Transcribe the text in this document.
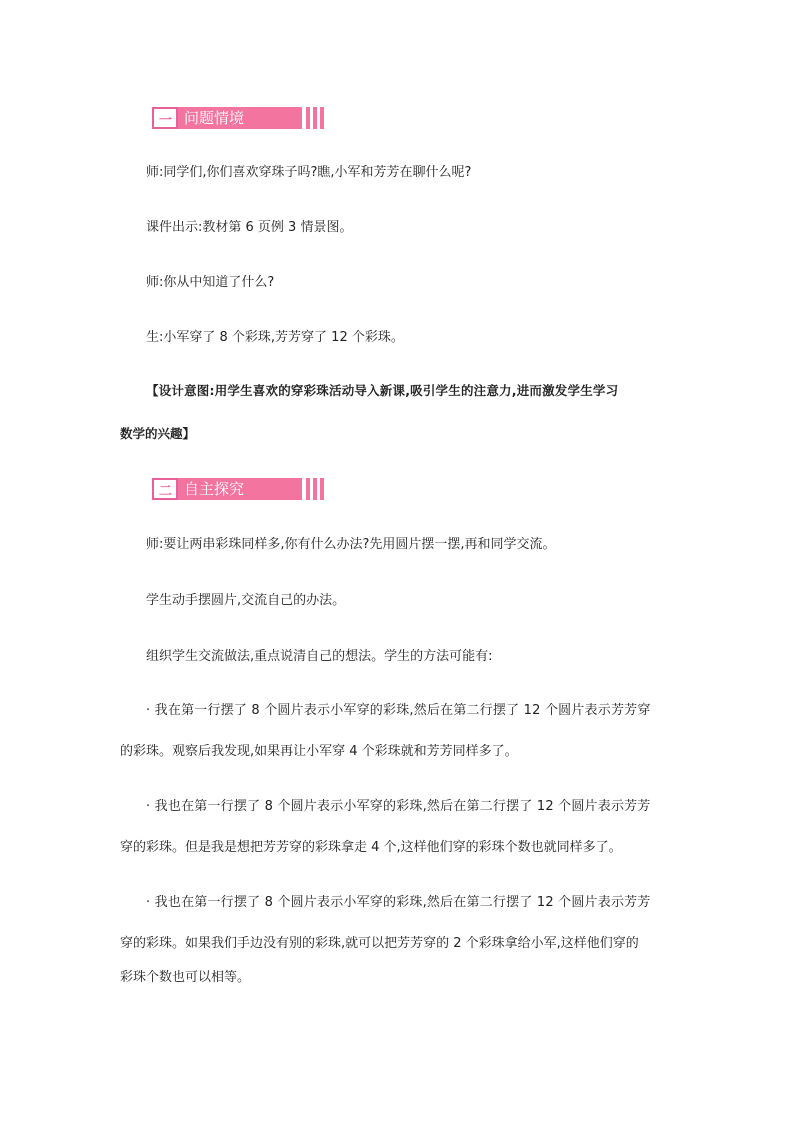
一 问题情境
师:同学们,你们喜欢穿珠子吗?瞧,小军和芳芳在聊什么呢?
课件出示:教材第 6 页例 3 情景图。
师:你从中知道了什么?
生:小军穿了 8 个彩珠,芳芳穿了 12 个彩珠。
【设计意图:用学生喜欢的穿彩珠活动导入新课,吸引学生的注意力,进而激发学生学习
数学的兴趣】
二 自主探究
师:要让两串彩珠同样多,你有什么办法?先用圆片摆一摆,再和同学交流。
学生动手摆圆片,交流自己的办法。
组织学生交流做法,重点说清自己的想法。学生的方法可能有:
· 我在第一行摆了 8 个圆片表示小军穿的彩珠,然后在第二行摆了 12 个圆片表示芳芳穿
的彩珠。观察后我发现,如果再让小军穿 4 个彩珠就和芳芳同样多了。
· 我也在第一行摆了 8 个圆片表示小军穿的彩珠,然后在第二行摆了 12 个圆片表示芳芳
穿的彩珠。但是我是想把芳芳穿的彩珠拿走 4 个,这样他们穿的彩珠个数也就同样多了。
· 我也在第一行摆了 8 个圆片表示小军穿的彩珠,然后在第二行摆了 12 个圆片表示芳芳
穿的彩珠。如果我们手边没有别的彩珠,就可以把芳芳穿的 2 个彩珠拿给小军,这样他们穿的
彩珠个数也可以相等。
